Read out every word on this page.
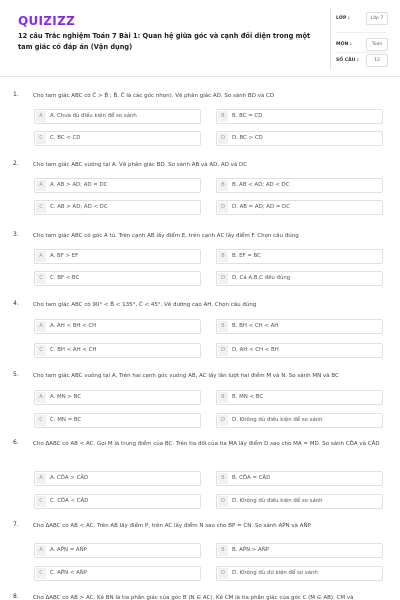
QUIZIZZ
12 câu Trắc nghiệm Toán 7 Bài 1: Quan hệ giữa góc và cạnh đối diện trong một tam giác có đáp án (Vận dụng)
LỚP :	Lớp 7
MÔN :	Toán
SỐ CÂU :	12
1.	Cho tam giác ABC có Ĉ > B̂ ; B̂, Ĉ là các góc nhọn). Vẽ phân giác AD. So sánh BD và CD
A	A. Chưa đủ điều kiện để so sánh	B	B. BC = CD
C	C. BC < CD	D	D. BC > CD
2.	Cho tam giác ABC vuông tại A. Vẽ phân giác BD. So sánh AB và AD, AD và DC
A	A. AB > AD; AD = DC	B	B. AB < AD; AD < DC
C	C. AB > AD; AD < DC	D	D. AB = AD; AD = DC
3.	Cho tam giác ABC có góc A tù. Trên cạnh AB lấy điểm E, trên cạnh AC lấy điểm F. Chọn câu đúng
A	A. BF > EF	B	B. EF = BC
C	C. BF < BC	D	D. Cả A,B,C đều đúng
4.	Cho tam giác ABC có 90° < B̂ < 135°, Ĉ < 45°. Vẽ đường cao AH. Chọn câu đúng
A	A. AH < BH < CH	B	B. BH < CH < AH
C	C. BH < AH < CH	D	D. AH < CH < BH
5.	Cho tam giác ABC vuông tại A. Trên hai cạnh góc vuông AB, AC lấy lần lượt hai điểm M và N. So sánh MN và BC
A	A. MN > BC	B	B. MN < BC
C	C. MN = BC	D	D. Không đủ điều kiện để so sánh
6.	Cho ΔABC có AB < AC. Gọi M là trung điểm của BC. Trên tia đối của tia MA lấy điểm D sao cho MA = MD. So sánh CD̂A và CÂD
A	A. CD̂A > CÂD	B	B. CD̂A = CÂD
C	C. CD̂A < CÂD	D	D. Không đủ điều kiện để so sánh
7.	Cho ΔABC có AB < AC. Trên AB lấy điểm P, trên AC lấy điểm N sao cho BP = CN. So sánh AP̂N và AN̂P
A	A. AP̂N = AN̂P	B	B. AP̂N > AN̂P
C	C. AP̂N < AN̂P	D	D. Không đủ dữ kiện để so sánh
8.	Cho ΔABC có AB > AC. Kẻ BN là tia phân giác của góc B (N ∈ AC). Kẻ CM là tia phân giác của góc C (M ∈ AB). CM và
